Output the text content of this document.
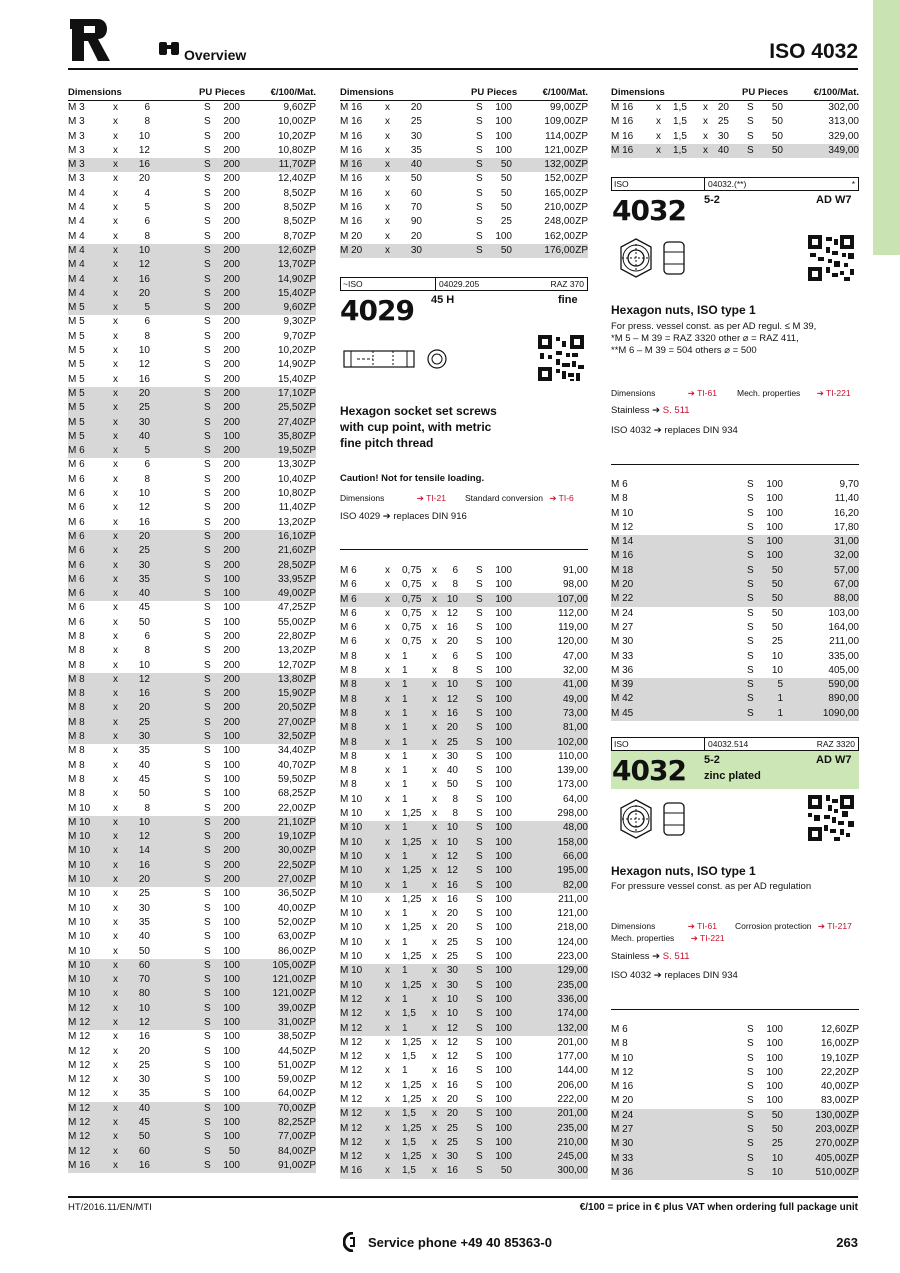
Overview	ISO 4032
Dimensions	PU Pieces	€/100/Mat.
M 3	x	6	S	200	9,60 ZP
M 3	x	8	S	200	10,00 ZP
M 3	x	10	S	200	10,20 ZP
M 3	x	12	S	200	10,80 ZP
M 3	x	16	S	200	11,70 ZP
M 3	x	20	S	200	12,40 ZP
M 4	x	4	S	200	8,50 ZP
M 4	x	5	S	200	8,50 ZP
M 4	x	6	S	200	8,50 ZP
M 4	x	8	S	200	8,70 ZP
M 4	x	10	S	200	12,60 ZP
M 4	x	12	S	200	13,70 ZP
M 4	x	16	S	200	14,90 ZP
M 4	x	20	S	200	15,40 ZP
M 5	x	5	S	200	9,60 ZP
M 5	x	6	S	200	9,30 ZP
M 5	x	8	S	200	9,70 ZP
M 5	x	10	S	200	10,20 ZP
M 5	x	12	S	200	14,90 ZP
M 5	x	16	S	200	15,40 ZP
M 5	x	20	S	200	17,10 ZP
M 5	x	25	S	200	25,50 ZP
M 5	x	30	S	200	27,40 ZP
M 5	x	40	S	100	35,80 ZP
M 6	x	5	S	200	19,50 ZP
M 6	x	6	S	200	13,30 ZP
M 6	x	8	S	200	10,40 ZP
M 6	x	10	S	200	10,80 ZP
M 6	x	12	S	200	11,40 ZP
M 6	x	16	S	200	13,20 ZP
M 6	x	20	S	200	16,10 ZP
M 6	x	25	S	200	21,60 ZP
M 6	x	30	S	200	28,50 ZP
M 6	x	35	S	100	33,95 ZP
M 6	x	40	S	100	49,00 ZP
M 6	x	45	S	100	47,25 ZP
M 6	x	50	S	100	55,00 ZP
M 8	x	6	S	200	22,80 ZP
M 8	x	8	S	200	13,20 ZP
M 8	x	10	S	200	12,70 ZP
M 8	x	12	S	200	13,80 ZP
M 8	x	16	S	200	15,90 ZP
M 8	x	20	S	200	20,50 ZP
M 8	x	25	S	200	27,00 ZP
M 8	x	30	S	100	32,50 ZP
M 8	x	35	S	100	34,40 ZP
M 8	x	40	S	100	40,70 ZP
M 8	x	45	S	100	59,50 ZP
M 8	x	50	S	100	68,25 ZP
M 10 x	8	S	200	22,00 ZP
M 10 x	10	S	200	21,10 ZP
M 10 x	12	S	200	19,10 ZP
M 10 x	14	S	200	30,00 ZP
M 10 x	16	S	200	22,50 ZP
M 10 x	20	S	200	27,00 ZP
M 10 x	25	S	100	36,50 ZP
M 10 x	30	S	100	40,00 ZP
M 10 x	35	S	100	52,00 ZP
M 10 x	40	S	100	63,00 ZP
M 10 x	50	S	100	86,00 ZP
M 10 x	60	S	100	105,00 ZP
M 10 x	70	S	100	121,00 ZP
M 10 x	80	S	100	121,00 ZP
M 12 x	10	S	100	39,00 ZP
M 12 x	12	S	100	31,00 ZP
M 12 x	16	S	100	38,50 ZP
M 12 x	20	S	100	44,50 ZP
M 12 x	25	S	100	51,00 ZP
M 12 x	30	S	100	59,00 ZP
M 12 x	35	S	100	64,00 ZP
M 12 x	40	S	100	70,00 ZP
M 12 x	45	S	100	82,25 ZP
M 12 x	50	S	100	77,00 ZP
M 12 x	60	S	50	84,00 ZP
M 16 x	16	S	100	91,00 ZP
Dimensions	PU Pieces	€/100/Mat.
M 16 x	20	S	100	99,00 ZP
M 16 x	25	S	100	109,00 ZP
M 16 x	30	S	100	114,00 ZP
M 16 x	35	S	100	121,00 ZP
M 16 x	40	S	50	132,00 ZP
M 16 x	50	S	50	152,00 ZP
M 16 x	60	S	50	165,00 ZP
M 16 x	70	S	50	210,00 ZP
M 16 x	90	S	25	248,00 ZP
M 20 x	20	S	100	162,00 ZP
M 20 x	30	S	50	176,00 ZP
~ISO	04029.205	RAZ 370
4029 45 H	fine
Hexagon socket set screws with cup point, with metric fine pitch thread
Caution! Not for tensile loading.
Dimensions	➔ TI-21 Standard conversion ➔ TI-6
ISO 4029 ➔ replaces DIN 916
M 6	x 0,75 x	6 S	100	91,00
M 6	x 0,75 x	8 S	100	98,00
M 6	x 0,75 x 10 S	100	107,00
M 6	x 0,75 x 12 S	100	112,00
M 6	x 0,75 x 16 S	100	119,00
M 6	x 0,75 x 20 S	100	120,00
M 8	x 1 x	6 S	100	47,00
M 8	x 1 x	8 S	100	32,00
M 8	x 1 x 10 S	100	41,00
M 8	x 1 x 12 S	100	49,00
M 8	x 1 x 16 S	100	73,00
M 8	x 1 x 20 S	100	81,00
M 8	x 1 x 25 S	100	102,00
M 8	x 1 x 30 S	100	110,00
M 8	x 1 x 40 S	100	139,00
M 8	x 1 x 50 S	100	173,00
M 10 x 1 x	8 S	100	64,00
M 10 x 1,25 x	8 S	100	298,00
M 10 x 1 x 10 S	100	48,00
M 10 x 1,25 x 10 S	100	158,00
M 10 x 1 x 12 S	100	66,00
M 10 x 1,25 x 12 S	100	195,00
M 10 x 1 x 16 S	100	82,00
M 10 x 1,25 x 16 S	100	211,00
M 10 x 1 x 20 S	100	121,00
M 10 x 1,25 x 20 S	100	218,00
M 10 x 1 x 25 S	100	124,00
M 10 x 1,25 x 25 S	100	223,00
M 10 x 1 x 30 S	100	129,00
M 10 x 1,25 x 30 S	100	235,00
M 12 x 1 x 10 S	100	336,00
M 12 x 1,5 x 10 S	100	174,00
M 12 x 1 x 12 S	100	132,00
M 12 x 1,25 x 12 S	100	201,00
M 12 x 1,5 x 12 S	100	177,00
M 12 x 1 x 16 S	100	144,00
M 12 x 1,25 x 16 S	100	206,00
M 12 x 1,25 x 20 S	100	222,00
M 12 x 1,5 x 20 S	100	201,00
M 12 x 1,25 x 25 S	100	235,00
M 12 x 1,5 x 25 S	100	210,00
M 12 x 1,25 x 30 S	100	245,00
M 16 x 1,5 x 16 S	50	300,00
Dimensions	PU Pieces	€/100/Mat.
M 16 x 1,5 x 20 S	50	302,00
M 16 x 1,5 x 25 S	50	313,00
M 16 x 1,5 x 30 S	50	329,00
M 16 x 1,5 x 40 S	50	349,00
ISO	04032.(**)	*
4032 5-2	AD W7
Hexagon nuts, ISO type 1
For press. vessel const. as per AD regul. ≤ M 39,
*M 5 – M 39 = RAZ 3320 other ⌀ = RAZ 411,
**M 6 – M 39 = 504 others ⌀ = 500
Dimensions	➔ TI-61 Mech. properties ➔ TI-221
Stainless ➔ S. 511
ISO 4032 ➔ replaces DIN 934
M 6	S	100	9,70
M 8	S	100	11,40
M 10	S	100	16,20
M 12	S	100	17,80
M 14	S	100	31,00
M 16	S	100	32,00
M 18	S	50	57,00
M 20	S	50	67,00
M 22	S	50	88,00
M 24	S	50	103,00
M 27	S	50	164,00
M 30	S	25	211,00
M 33	S	10	335,00
M 36	S	10	405,00
M 39	S	5	590,00
M 42	S	1	890,00
M 45	S	1	1090,00
ISO	04032.514	RAZ 3320
4032 5-2
zinc plated
AD W7
Hexagon nuts, ISO type 1
For pressure vessel const. as per AD regulation
Dimensions	➔ TI-61 Corrosion protection ➔ TI-217
Mech. properties ➔ TI-221
Stainless ➔ S. 511
ISO 4032 ➔ replaces DIN 934
M 6	S	100	12,60 ZP
M 8	S	100	16,00 ZP
M 10	S	100	19,10 ZP
M 12	S	100	22,20 ZP
M 16	S	100	40,00 ZP
M 20	S	100	83,00 ZP
M 24	S	50	130,00 ZP
M 27	S	50	203,00 ZP
M 30	S	25	270,00 ZP
M 33	S	10	405,00 ZP
M 36	S	10	510,00 ZP
HT/2016.11/EN/MTI	€/100 = price in € plus VAT when ordering full package unit
Service phone +49 40 85363-0	263
